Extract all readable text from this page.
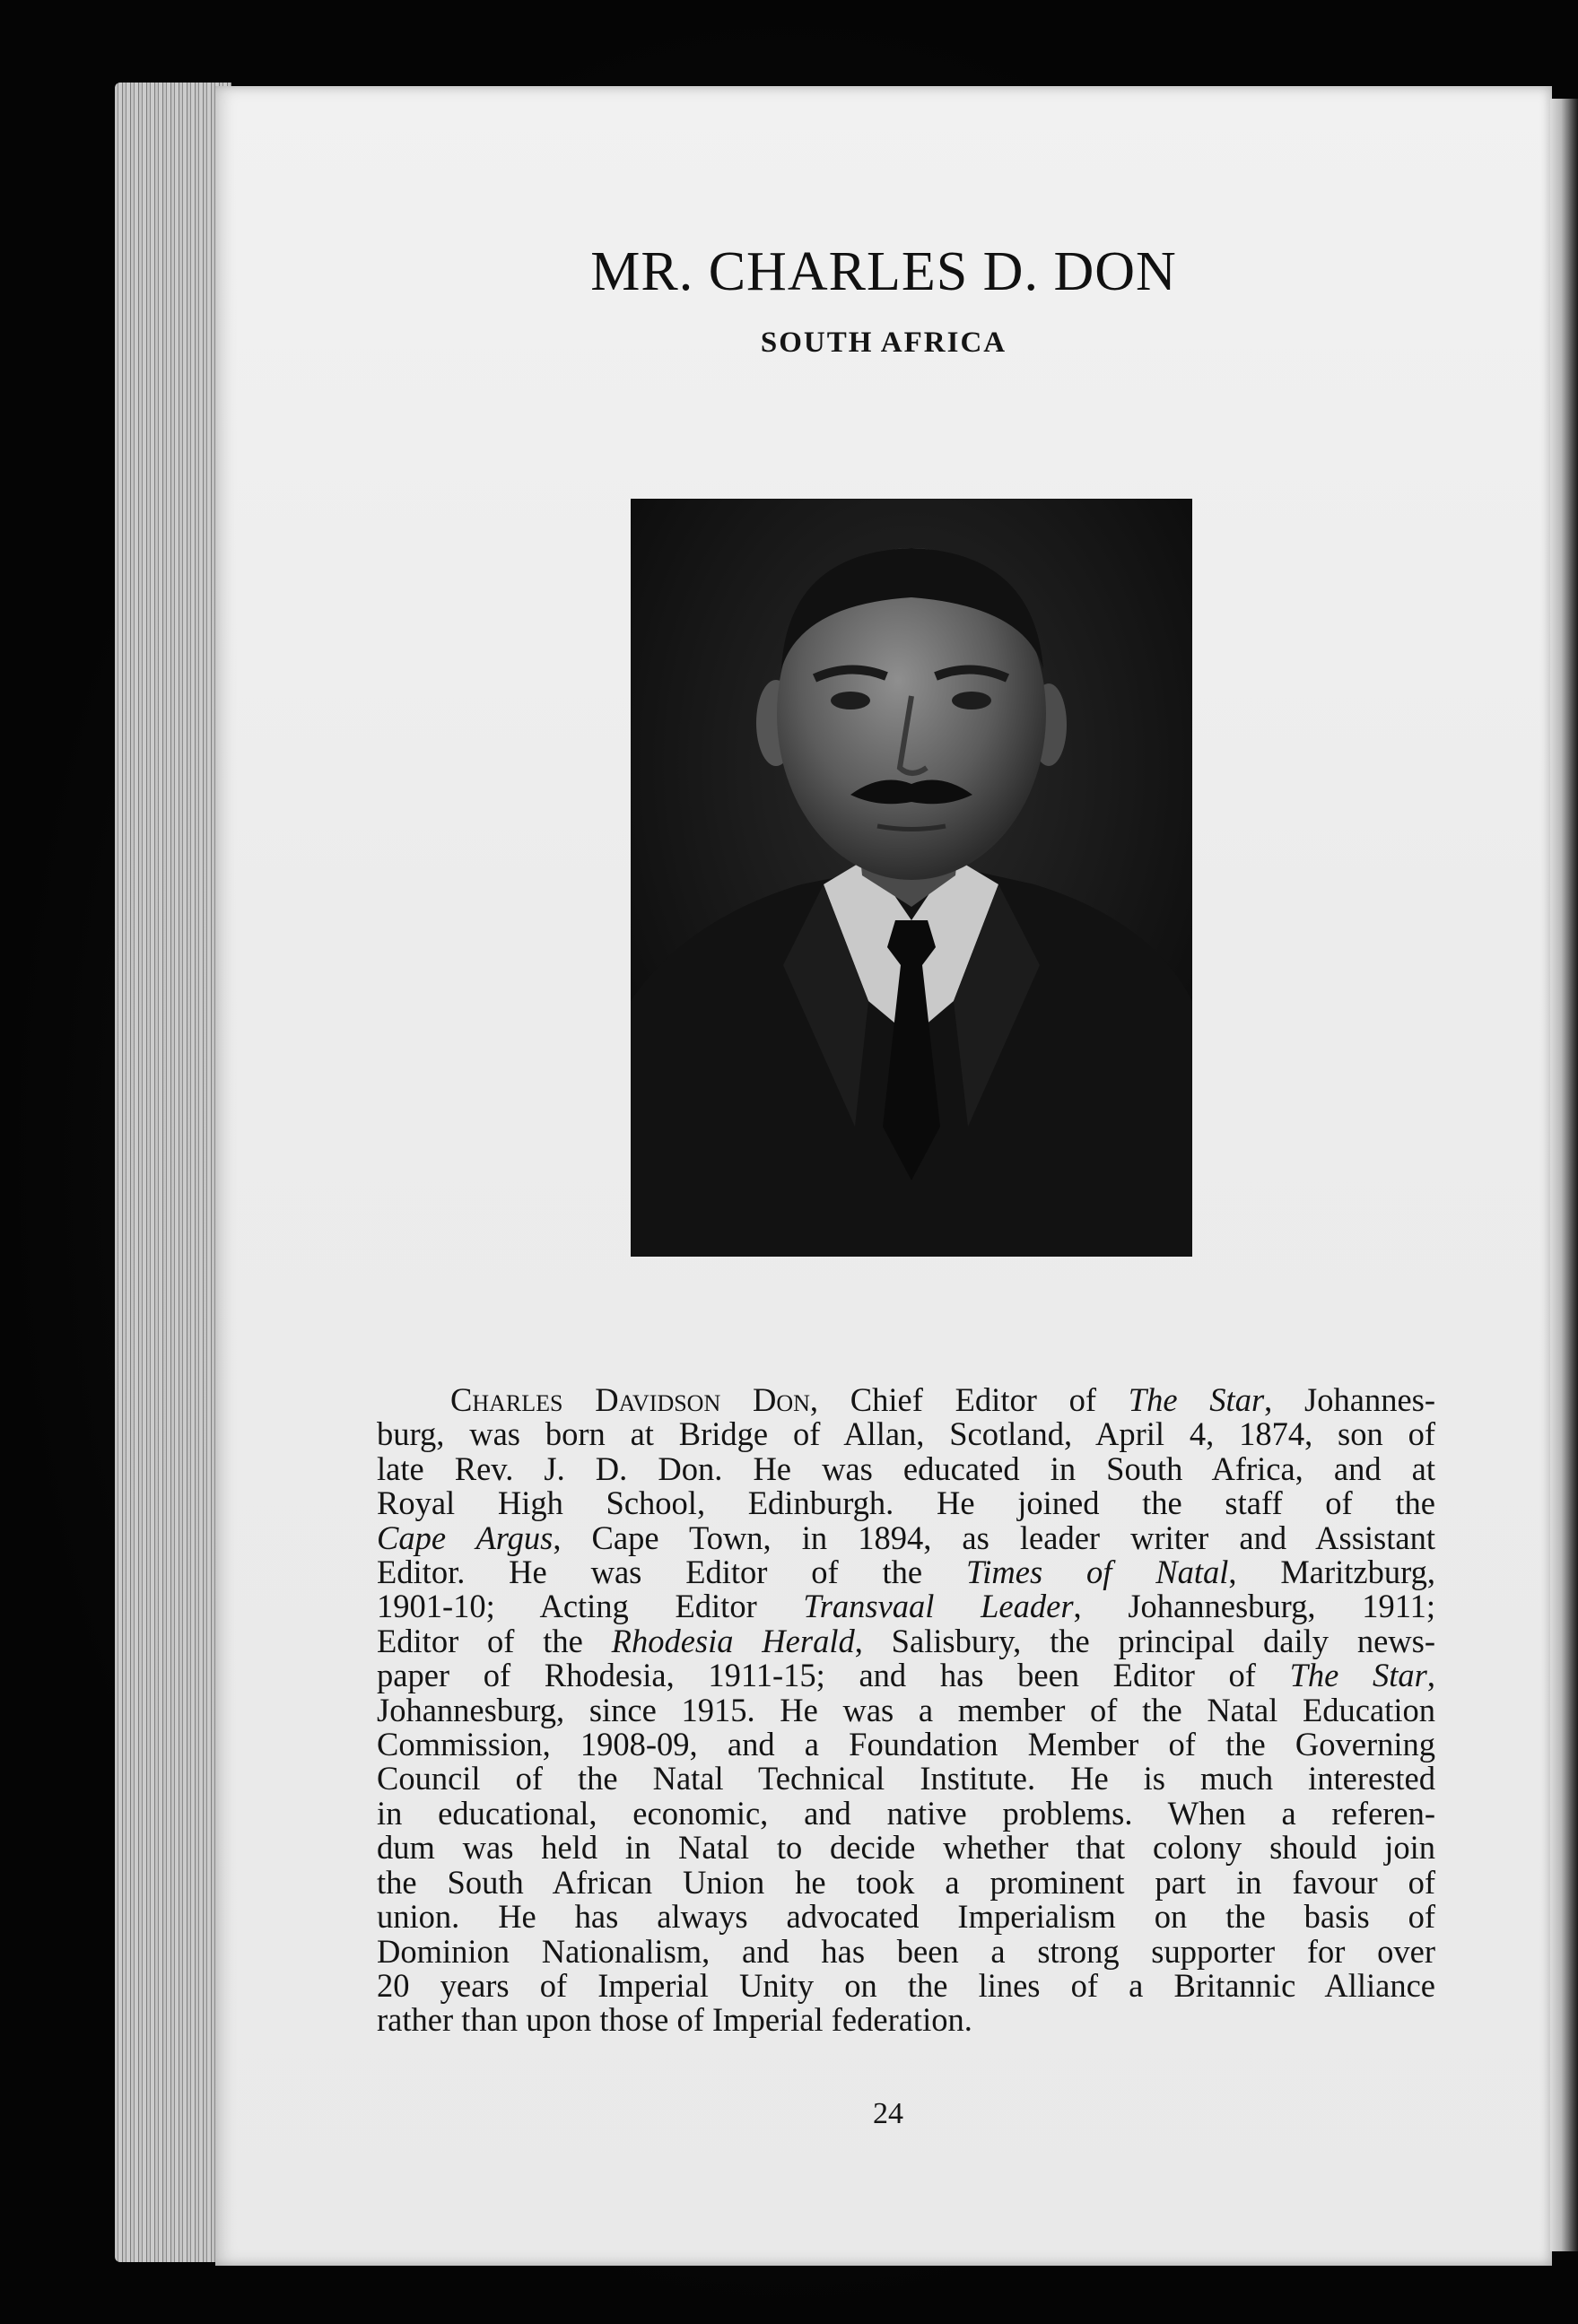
MR. CHARLES D. DON
SOUTH AFRICA
Charles Davidson Don, Chief Editor of The Star, Johannes-
burg, was born at Bridge of Allan, Scotland, April 4, 1874, son of
late Rev. J. D. Don. He was educated in South Africa, and at
Royal High School, Edinburgh. He joined the staff of the
Cape Argus, Cape Town, in 1894, as leader writer and Assistant
Editor. He was Editor of the Times of Natal, Maritzburg,
1901-10; Acting Editor Transvaal Leader, Johannesburg, 1911;
Editor of the Rhodesia Herald, Salisbury, the principal daily news-
paper of Rhodesia, 1911-15; and has been Editor of The Star,
Johannesburg, since 1915. He was a member of the Natal Education
Commission, 1908-09, and a Foundation Member of the Governing
Council of the Natal Technical Institute. He is much interested
in educational, economic, and native problems. When a referen-
dum was held in Natal to decide whether that colony should join
the South African Union he took a prominent part in favour of
union. He has always advocated Imperialism on the basis of
Dominion Nationalism, and has been a strong supporter for over
20 years of Imperial Unity on the lines of a Britannic Alliance
rather than upon those of Imperial federation.
24
